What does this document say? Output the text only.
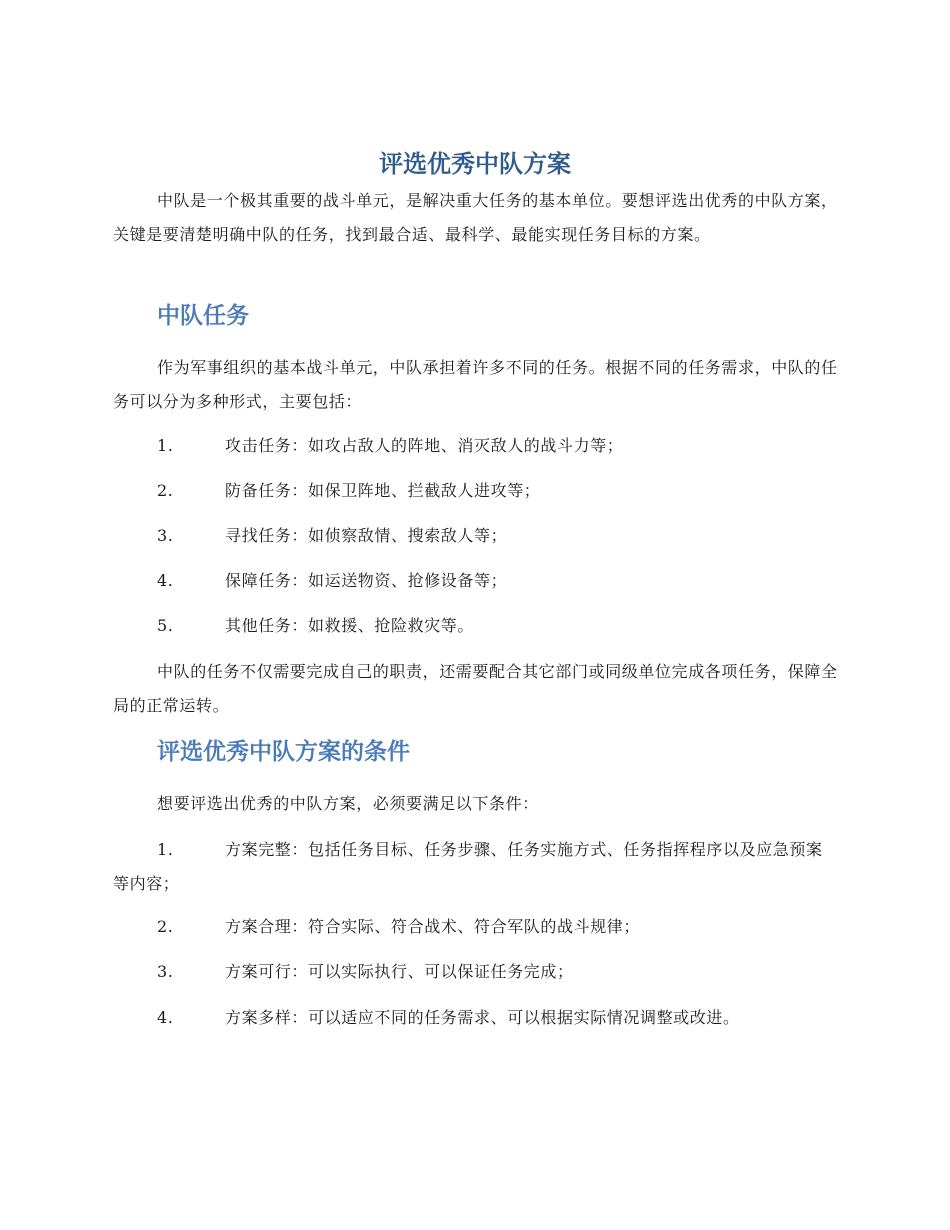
评选优秀中队方案
中队是一个极其重要的战斗单元，是解决重大任务的基本单位。要想评选出优秀的中队方案，关键是要清楚明确中队的任务，找到最合适、最科学、最能实现任务目标的方案。
中队任务
作为军事组织的基本战斗单元，中队承担着许多不同的任务。根据不同的任务需求，中队的任务可以分为多种形式，主要包括：
1.	攻击任务：如攻占敌人的阵地、消灭敌人的战斗力等；
2.	防备任务：如保卫阵地、拦截敌人进攻等；
3.	寻找任务：如侦察敌情、搜索敌人等；
4.	保障任务：如运送物资、抢修设备等；
5.	其他任务：如救援、抢险救灾等。
中队的任务不仅需要完成自己的职责，还需要配合其它部门或同级单位完成各项任务，保障全局的正常运转。
评选优秀中队方案的条件
想要评选出优秀的中队方案，必须要满足以下条件：
1.	方案完整：包括任务目标、任务步骤、任务实施方式、任务指挥程序以及应急预案等内容；
2.	方案合理：符合实际、符合战术、符合军队的战斗规律；
3.	方案可行：可以实际执行、可以保证任务完成；
4.	方案多样：可以适应不同的任务需求、可以根据实际情况调整或改进。
